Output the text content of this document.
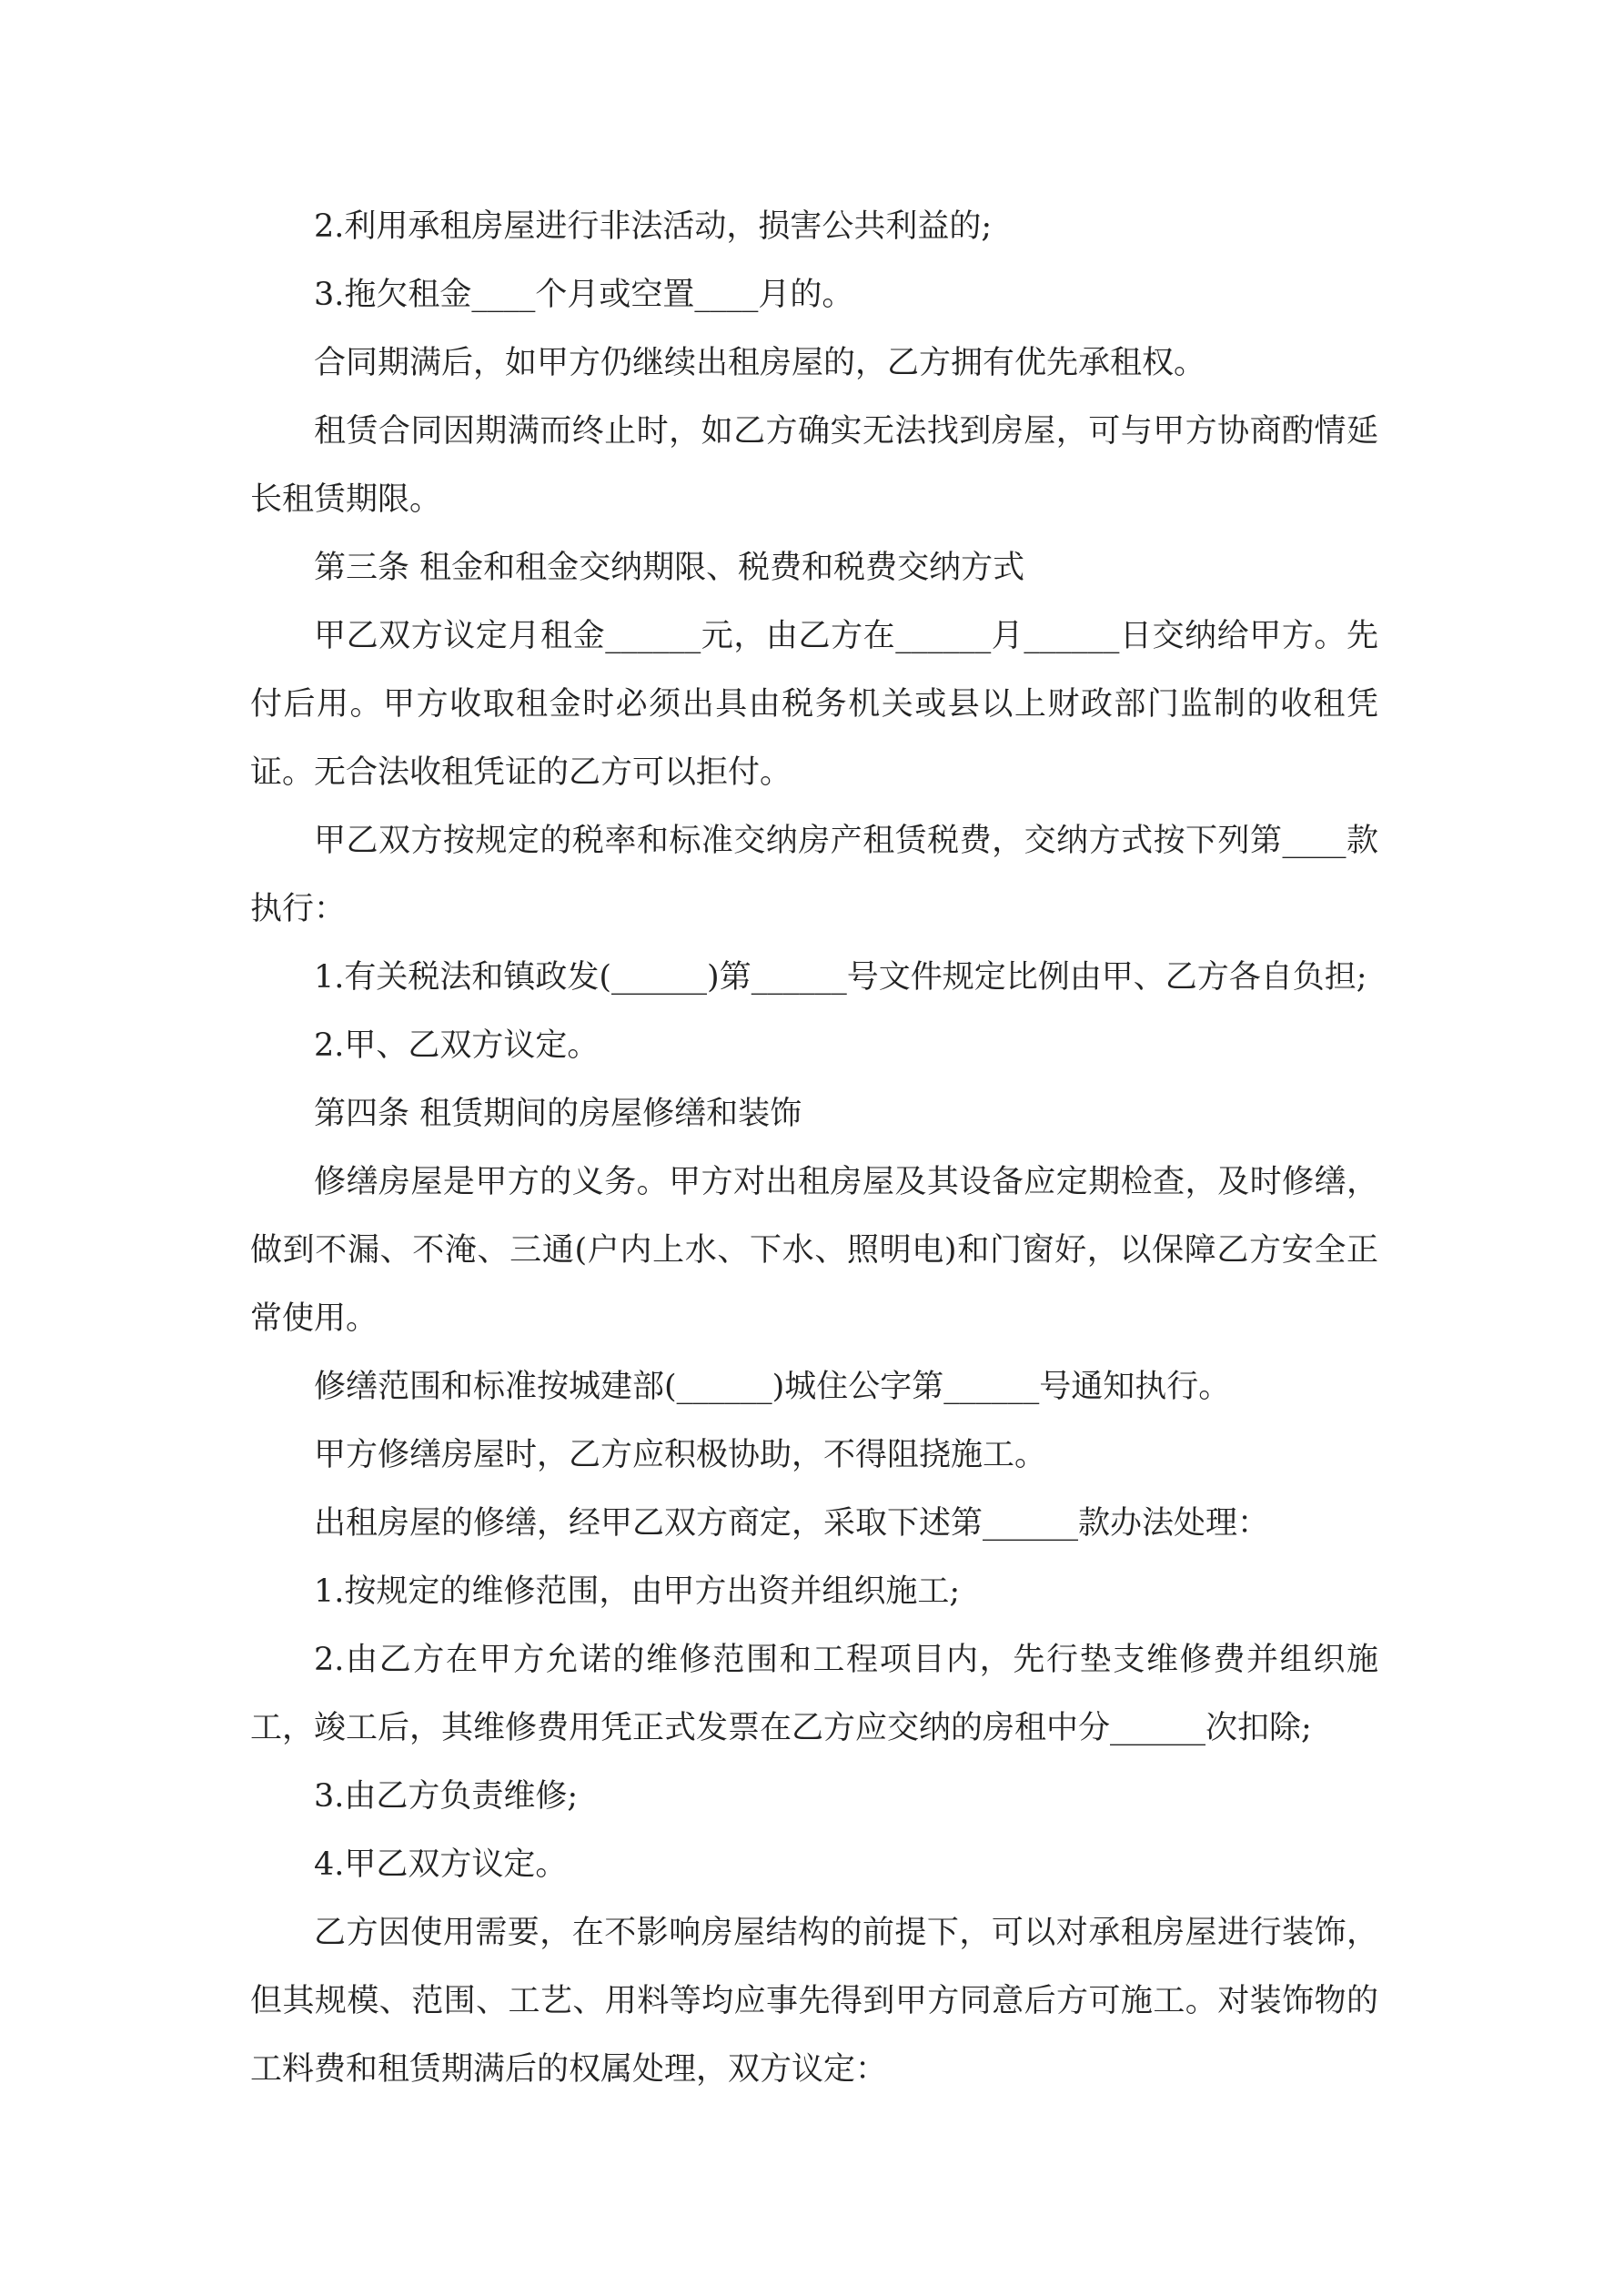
2.利用承租房屋进行非法活动，损害公共利益的;

3.拖欠租金____个月或空置____月的。

合同期满后，如甲方仍继续出租房屋的，乙方拥有优先承租权。

租赁合同因期满而终止时，如乙方确实无法找到房屋，可与甲方协商酌情延长租赁期限。

第三条 租金和租金交纳期限、税费和税费交纳方式

甲乙双方议定月租金______元，由乙方在______月______日交纳给甲方。先付后用。甲方收取租金时必须出具由税务机关或县以上财政部门监制的收租凭证。无合法收租凭证的乙方可以拒付。

甲乙双方按规定的税率和标准交纳房产租赁税费，交纳方式按下列第____款执行：

1.有关税法和镇政发(______)第______号文件规定比例由甲、乙方各自负担;

2.甲、乙双方议定。

第四条 租赁期间的房屋修缮和装饰

修缮房屋是甲方的义务。甲方对出租房屋及其设备应定期检查，及时修缮，做到不漏、不淹、三通(户内上水、下水、照明电)和门窗好，以保障乙方安全正常使用。

修缮范围和标准按城建部(______)城住公字第______号通知执行。

甲方修缮房屋时，乙方应积极协助，不得阻挠施工。

出租房屋的修缮，经甲乙双方商定，采取下述第______款办法处理：

1.按规定的维修范围，由甲方出资并组织施工;

2.由乙方在甲方允诺的维修范围和工程项目内，先行垫支维修费并组织施工，竣工后，其维修费用凭正式发票在乙方应交纳的房租中分______次扣除;

3.由乙方负责维修;

4.甲乙双方议定。

乙方因使用需要，在不影响房屋结构的前提下，可以对承租房屋进行装饰，但其规模、范围、工艺、用料等均应事先得到甲方同意后方可施工。对装饰物的工料费和租赁期满后的权属处理，双方议定：
